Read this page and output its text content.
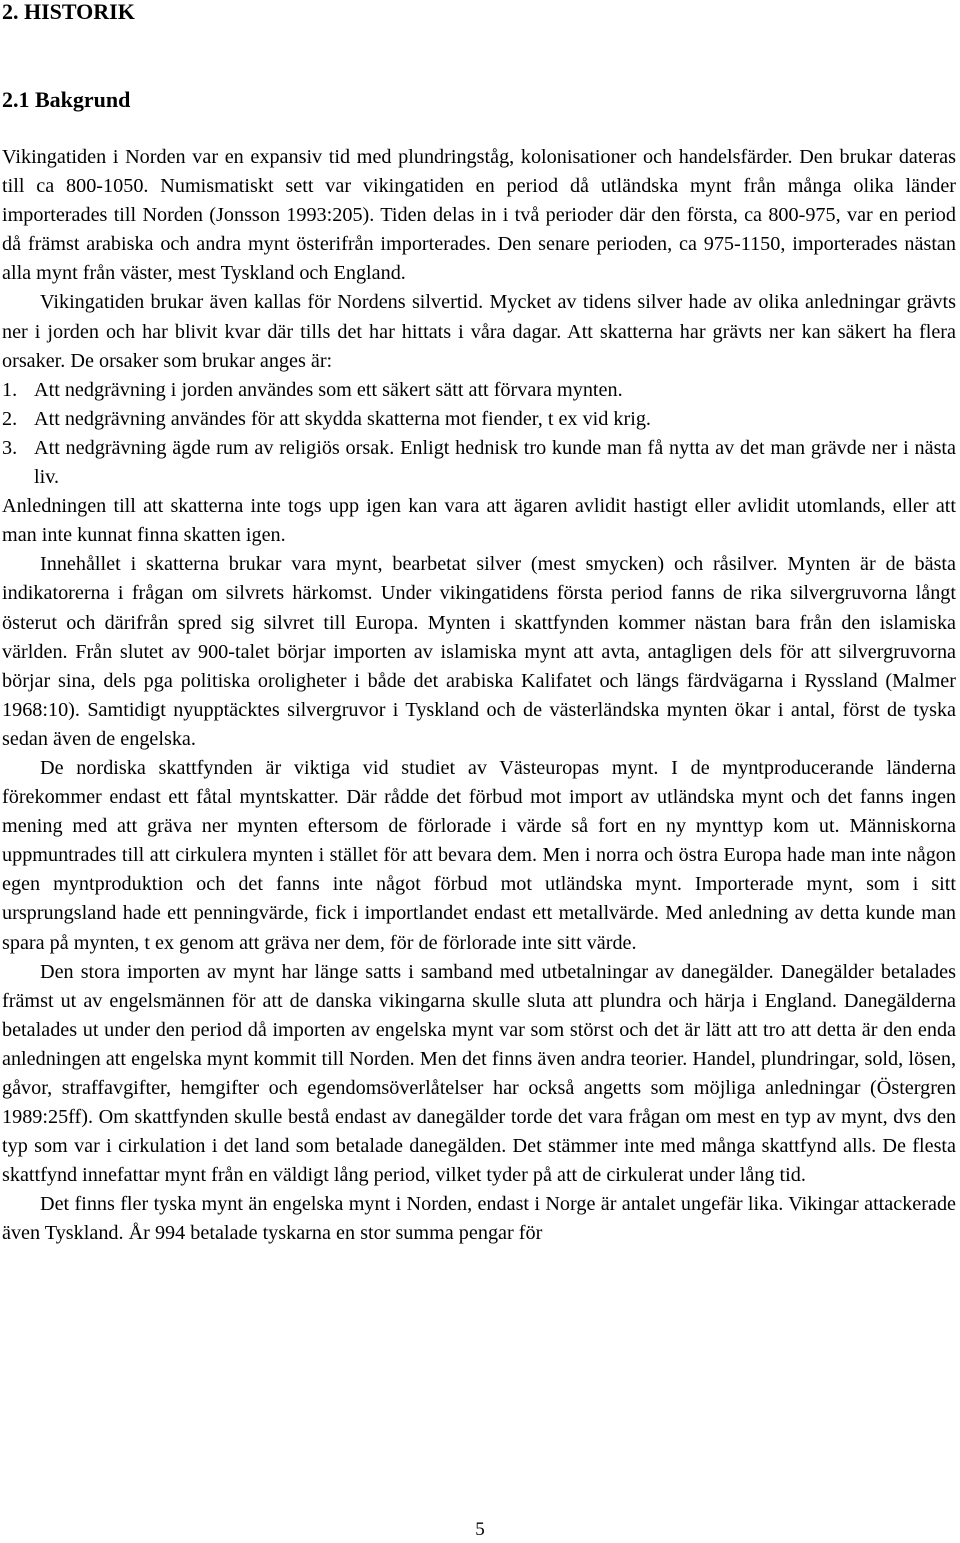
2. HISTORIK
2.1 Bakgrund

Vikingatiden i Norden var en expansiv tid med plundringståg, kolonisationer och handelsfärder. Den brukar dateras till ca 800-1050. Numismatiskt sett var vikingatiden en period då utländska mynt från många olika länder importerades till Norden (Jonsson 1993:205). Tiden delas in i två perioder där den första, ca 800-975, var en period då främst arabiska och andra mynt österifrån importerades. Den senare perioden, ca 975-1150, importerades nästan alla mynt från väster, mest Tyskland och England.

Vikingatiden brukar även kallas för Nordens silvertid. Mycket av tidens silver hade av olika anledningar grävts ner i jorden och har blivit kvar där tills det har hittats i våra dagar. Att skatterna har grävts ner kan säkert ha flera orsaker. De orsaker som brukar anges är:

1. Att nedgrävning i jorden användes som ett säkert sätt att förvara mynten.
2. Att nedgrävning användes för att skydda skatterna mot fiender, t ex vid krig.
3. Att nedgrävning ägde rum av religiös orsak. Enligt hednisk tro kunde man få nytta av det man grävde ner i nästa liv.

Anledningen till att skatterna inte togs upp igen kan vara att ägaren avlidit hastigt eller avlidit utomlands, eller att man inte kunnat finna skatten igen.

Innehållet i skatterna brukar vara mynt, bearbetat silver (mest smycken) och råsilver. Mynten är de bästa indikatorerna i frågan om silvrets härkomst. Under vikingatidens första period fanns de rika silvergruvorna långt österut och därifrån spred sig silvret till Europa. Mynten i skattfynden kommer nästan bara från den islamiska världen. Från slutet av 900-talet börjar importen av islamiska mynt att avta, antagligen dels för att silvergruvorna börjar sina, dels pga politiska oroligheter i både det arabiska Kalifatet och längs färdvägarna i Ryssland (Malmer 1968:10). Samtidigt nyupptäcktes silvergruvor i Tyskland och de västerländska mynten ökar i antal, först de tyska sedan även de engelska.

De nordiska skattfynden är viktiga vid studiet av Västeuropas mynt. I de myntproducerande länderna förekommer endast ett fåtal myntskatter. Där rådde det förbud mot import av utländska mynt och det fanns ingen mening med att gräva ner mynten eftersom de förlorade i värde så fort en ny mynttyp kom ut. Människorna uppmuntrades till att cirkulera mynten i stället för att bevara dem. Men i norra och östra Europa hade man inte någon egen myntproduktion och det fanns inte något förbud mot utländska mynt. Importerade mynt, som i sitt ursprungsland hade ett penningvärde, fick i importlandet endast ett metallvärde. Med anledning av detta kunde man spara på mynten, t ex genom att gräva ner dem, för de förlorade inte sitt värde.

Den stora importen av mynt har länge satts i samband med utbetalningar av danegälder. Danegälder betalades främst ut av engelsmännen för att de danska vikingarna skulle sluta att plundra och härja i England. Danegälderna betalades ut under den period då importen av engelska mynt var som störst och det är lätt att tro att detta är den enda anledningen att engelska mynt kommit till Norden. Men det finns även andra teorier. Handel, plundringar, sold, lösen, gåvor, straffavgifter, hemgifter och egendomsöverlåtelser har också angetts som möjliga anledningar (Östergren 1989:25ff). Om skattfynden skulle bestå endast av danegälder torde det vara frågan om mest en typ av mynt, dvs den typ som var i cirkulation i det land som betalade danegälden. Det stämmer inte med många skattfynd alls. De flesta skattfynd innefattar mynt från en väldigt lång period, vilket tyder på att de cirkulerat under lång tid.

Det finns fler tyska mynt än engelska mynt i Norden, endast i Norge är antalet ungefär lika. Vikingar attackerade även Tyskland. År 994 betalade tyskarna en stor summa pengar för

5
